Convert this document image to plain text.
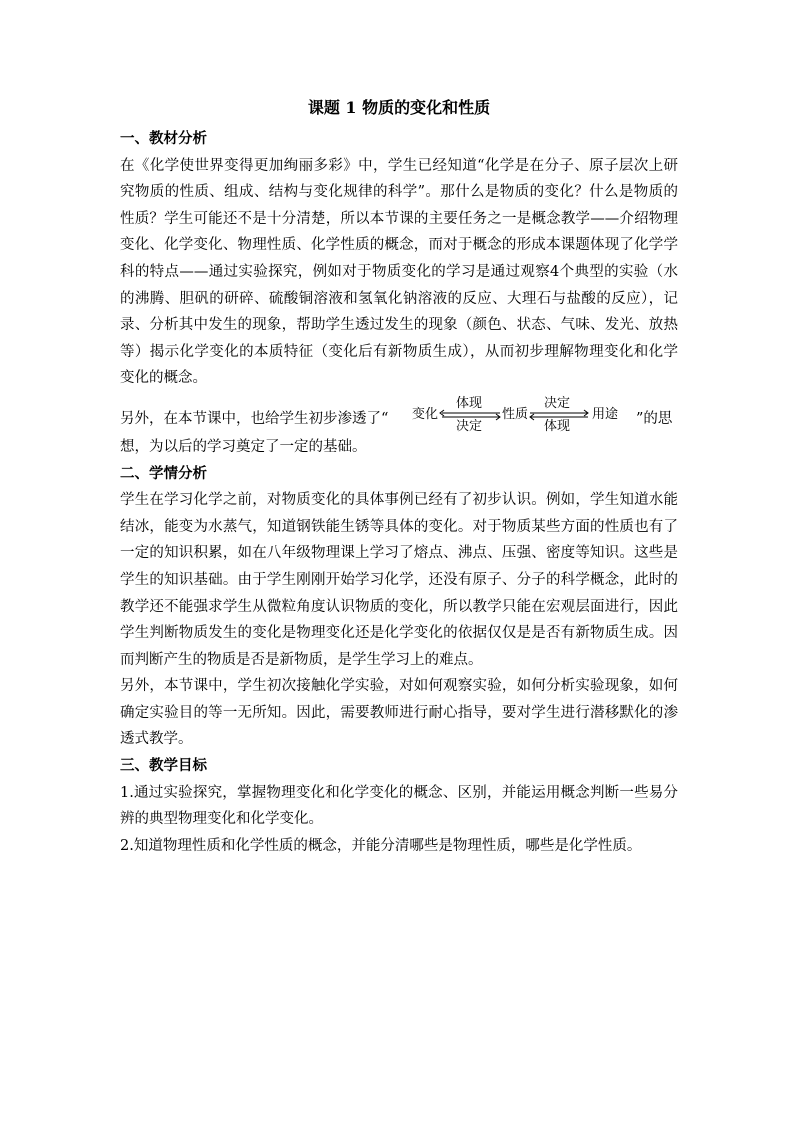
课题 1 物质的变化和性质
一、教材分析

在《化学使世界变得更加绚丽多彩》中，学生已经知道“化学是在分子、原子层次上研究物质的性质、组成、结构与变化规律的科学”。那什么是物质的变化？什么是物质的性质？学生可能还不是十分清楚，所以本节课的主要任务之一是概念教学——介绍物理变化、化学变化、物理性质、化学性质的概念，而对于概念的形成本课题体现了化学学科的特点——通过实验探究，例如对于物质变化的学习是通过观察4个典型的实验（水的沸腾、胆矾的研碎、硫酸铜溶液和氢氧化钠溶液的反应、大理石与盐酸的反应），记录、分析其中发生的现象，帮助学生透过发生的现象（颜色、状态、气味、发光、放热等）揭示化学变化的本质特征（变化后有新物质生成），从而初步理解物理变化和化学变化的概念。

另外，在本节课中，也给学生初步渗透了“ 变化
体现
决定
性质
决定
体现
用途 ”的思

想，为以后的学习奠定了一定的基础。

二、学情分析

学生在学习化学之前，对物质变化的具体事例已经有了初步认识。例如，学生知道水能结冰，能变为水蒸气，知道钢铁能生锈等具体的变化。对于物质某些方面的性质也有了一定的知识积累，如在八年级物理课上学习了熔点、沸点、压强、密度等知识。这些是学生的知识基础。由于学生刚刚开始学习化学，还没有原子、分子的科学概念，此时的教学还不能强求学生从微粒角度认识物质的变化，所以教学只能在宏观层面进行，因此学生判断物质发生的变化是物理变化还是化学变化的依据仅仅是是否有新物质生成。因而判断产生的物质是否是新物质，是学生学习上的难点。

另外，本节课中，学生初次接触化学实验，对如何观察实验，如何分析实验现象，如何确定实验目的等一无所知。因此，需要教师进行耐心指导，要对学生进行潜移默化的渗透式教学。

三、教学目标

1.通过实验探究，掌握物理变化和化学变化的概念、区别，并能运用概念判断一些易分辨的典型物理变化和化学变化。

2.知道物理性质和化学性质的概念，并能分清哪些是物理性质，哪些是化学性质。
